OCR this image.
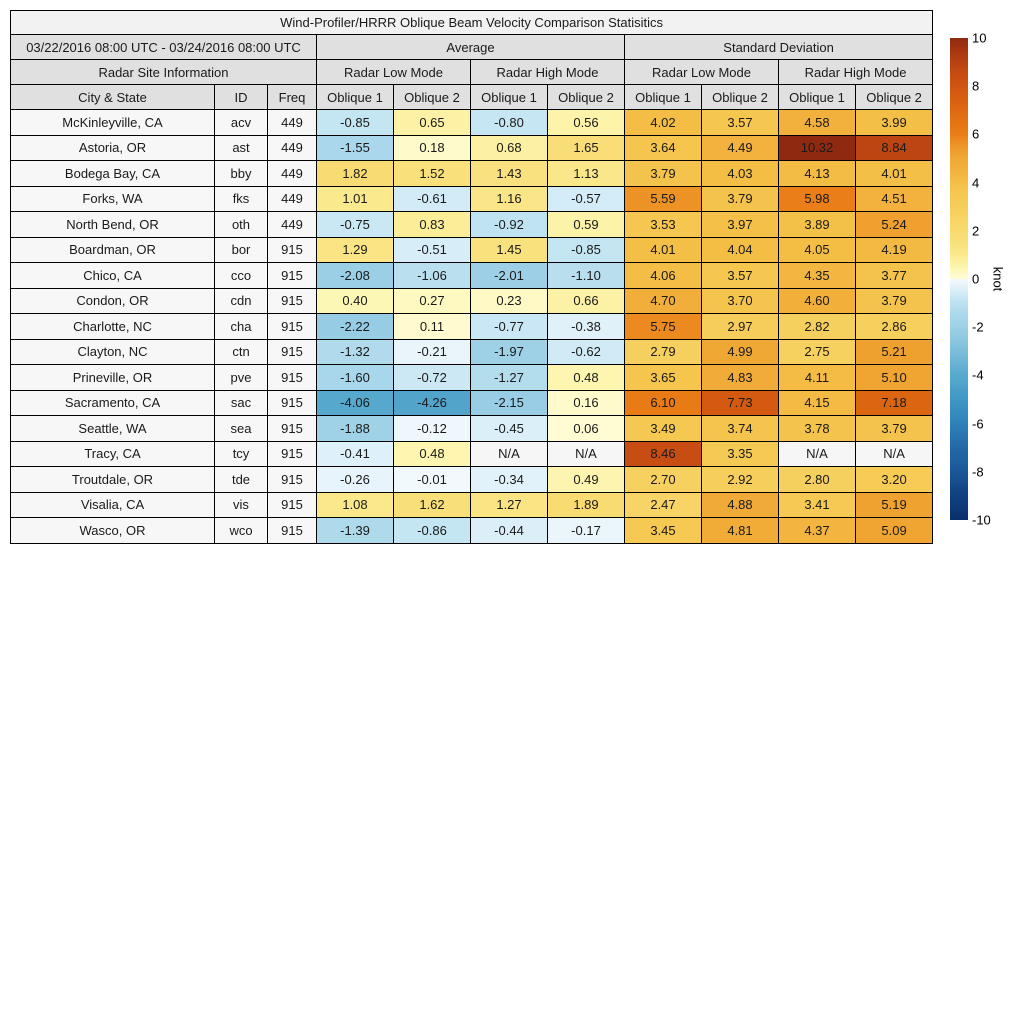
Wind-Profiler/HRRR Oblique Beam Velocity Comparison Statisitics										
03/22/2016 08:00 UTC - 03/24/2016 08:00 UTC			Average				Standard Deviation			
Radar Site Information			Radar Low Mode		Radar High Mode		Radar Low Mode		Radar High Mode	
City & State	ID	Freq	Oblique 1	Oblique 2	Oblique 1	Oblique 2	Oblique 1	Oblique 2	Oblique 1	Oblique 2
McKinleyville, CA	acv	449	-0.85	0.65	-0.80	0.56	4.02	3.57	4.58	3.99
Astoria, OR	ast	449	-1.55	0.18	0.68	1.65	3.64	4.49	10.32	8.84
Bodega Bay, CA	bby	449	1.82	1.52	1.43	1.13	3.79	4.03	4.13	4.01
Forks, WA	fks	449	1.01	-0.61	1.16	-0.57	5.59	3.79	5.98	4.51
North Bend, OR	oth	449	-0.75	0.83	-0.92	0.59	3.53	3.97	3.89	5.24
Boardman, OR	bor	915	1.29	-0.51	1.45	-0.85	4.01	4.04	4.05	4.19
Chico, CA	cco	915	-2.08	-1.06	-2.01	-1.10	4.06	3.57	4.35	3.77
Condon, OR	cdn	915	0.40	0.27	0.23	0.66	4.70	3.70	4.60	3.79
Charlotte, NC	cha	915	-2.22	0.11	-0.77	-0.38	5.75	2.97	2.82	2.86
Clayton, NC	ctn	915	-1.32	-0.21	-1.97	-0.62	2.79	4.99	2.75	5.21
Prineville, OR	pve	915	-1.60	-0.72	-1.27	0.48	3.65	4.83	4.11	5.10
Sacramento, CA	sac	915	-4.06	-4.26	-2.15	0.16	6.10	7.73	4.15	7.18
Seattle, WA	sea	915	-1.88	-0.12	-0.45	0.06	3.49	3.74	3.78	3.79
Tracy, CA	tcy	915	-0.41	0.48	N/A	N/A	8.46	3.35	N/A	N/A
Troutdale, OR	tde	915	-0.26	-0.01	-0.34	0.49	2.70	2.92	2.80	3.20
Visalia, CA	vis	915	1.08	1.62	1.27	1.89	2.47	4.88	3.41	5.19
Wasco, OR	wco	915	-1.39	-0.86	-0.44	-0.17	3.45	4.81	4.37	5.09
10
8
6
4
2
0
-2
-4
-6
-8
-10
knot
